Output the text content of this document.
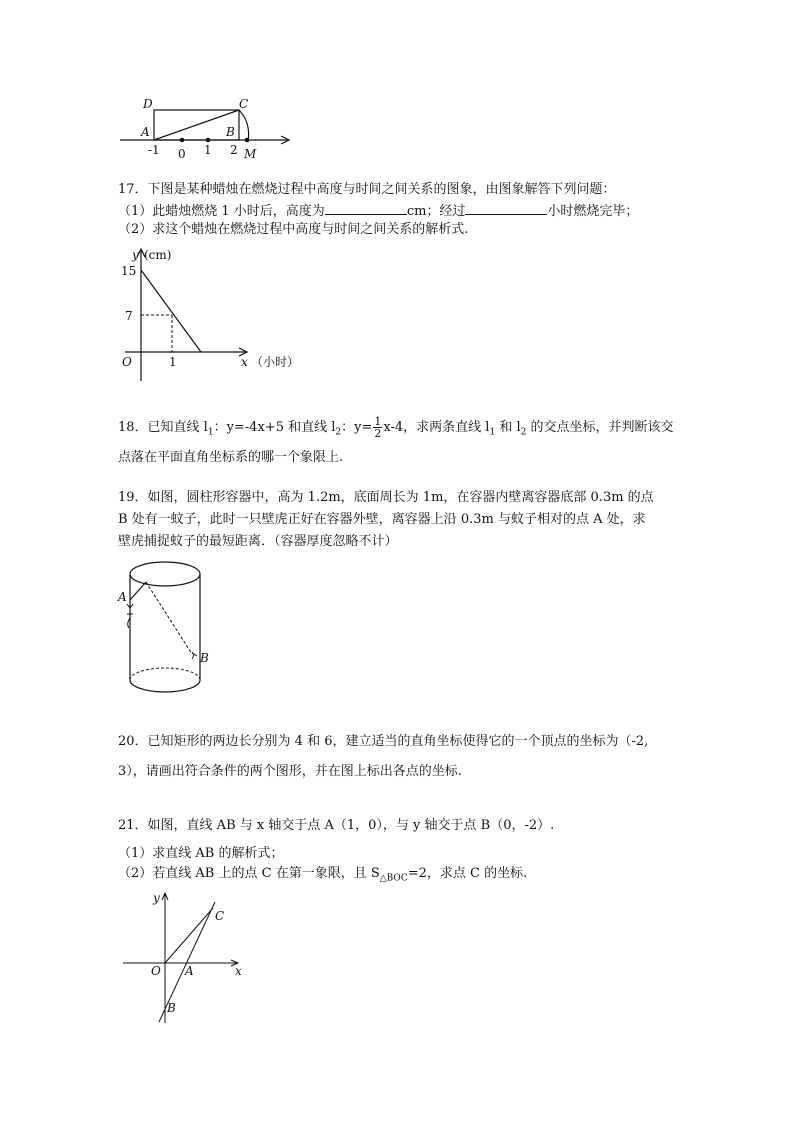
D	C
A	B
-1 0 1 2 M
17．下图是某种蜡烛在燃烧过程中高度与时间之间关系的图象，由图象解答下列问题：
（1）此蜡烛燃烧 1 小时后，高度为	cm；经过	小时燃烧完毕；
（2）求这个蜡烛在燃烧过程中高度与时间之间关系的解析式.
y (cm)
15
7
O	1	x （小时）
18．已知直线 $l_1$：y=-4x+5 和直线 $l_2$：$y= \frac{1}{2} x-4$，求两条直线 $l_1$ 和 $l_2$ 的交点坐标，并判断该交
点落在平面直角坐标系的哪一个象限上.
19．如图，圆柱形容器中，高为 1.2m，底面周长为 1m，在容器内壁离容器底部 0.3m 的点
B 处有一蚊子，此时一只壁虎正好在容器外壁，离容器上沿 0.3m 与蚊子相对的点 A 处，求
壁虎捕捉蚊子的最短距离．（容器厚度忽略不计）
A
B
20．已知矩形的两边长分别为 4 和 6，建立适当的直角坐标使得它的一个顶点的坐标为（-2,
3），请画出符合条件的两个图形，并在图上标出各点的坐标.
21．如图，直线 AB 与 x 轴交于点 A（1，0），与 y 轴交于点 B（0，-2）.
（1）求直线 AB 的解析式；
（2）若直线 AB 上的点 C 在第一象限，且 $S_{\triangle BOC}=2$，求点 C 的坐标.
y
x
O A
B
C
